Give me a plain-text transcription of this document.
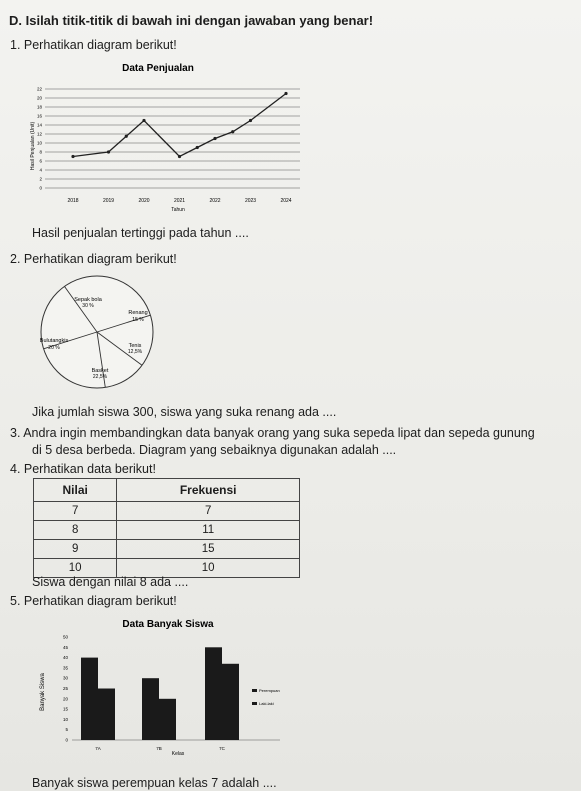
D. Isilah titik-titik di bawah ini dengan jawaban yang benar!
1. Perhatikan diagram berikut!
Data Penjualan
0
2
4
6
8
10
12
14
16
18
20
22
2018	2019	2020	2021	2022	2023	2024
Tahun
Hasil Penjualan (Unit)
Hasil penjualan tertinggi pada tahun ....
2. Perhatikan diagram berikut!
Sepak bola
30 %
Renang
15 %
Tenis
12,5%
Basket
22,5%
Bulutangkis
20 %
Jika jumlah siswa 300, siswa yang suka renang ada ....
3. Andra ingin membandingkan data banyak orang yang suka sepeda lipat dan sepeda gunung
di 5 desa berbeda. Diagram yang sebaiknya digunakan adalah ....
4. Perhatikan data berikut!
Nilai	Frekuensi
7	7
8	11
9	15
10	10
Siswa dengan nilai 8 ada ....
5. Perhatikan diagram berikut!
Data Banyak Siswa
0
5
10
15
20
25
30
35
40
45
50
7A	7B	7C
Kelas
Banyak Siswa	Perempuan
Laki-laki
Banyak siswa perempuan kelas 7 adalah ....
